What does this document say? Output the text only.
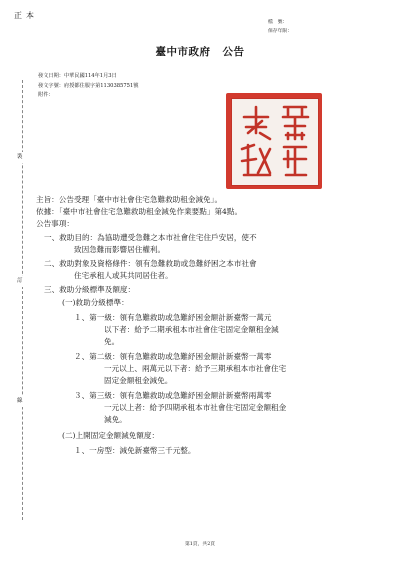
正本
檔　號：
保存年限：
臺中市政府 公告
發文日期：中華民國114年1月3日
發文字號：府授都住服字第1130385751號
附件：
裝
訂
線
主旨：公告受理「臺中市社會住宅急難救助租金減免」。
依據：「臺中市社會住宅急難救助租金減免作業要點」第4點。
公告事項：
一、救助目的：為協助遭受急難之本市社會住宅住戶安居，使不
致因急難而影響居住權利。
二、救助對象及資格條件：領有急難救助或急難紓困之本市社會
住宅承租人或其共同居住者。
三、救助分級標準及額度：
(一)救助分級標準：
１、第一級：領有急難救助或急難紓困金額計新臺幣一萬元
以下者：給予二期承租本市社會住宅固定金額租金減
免。
２、第二級：領有急難救助或急難紓困金額計新臺幣一萬零
一元以上、兩萬元以下者：給予三期承租本市社會住宅
固定金額租金減免。
３、第三級：領有急難救助或急難紓困金額計新臺幣兩萬零
一元以上者：給予四期承租本市社會住宅固定金額租金
減免。
(二)上開固定金額減免額度：
１、一房型：減免新臺幣三千元整。
第1頁，共2頁
